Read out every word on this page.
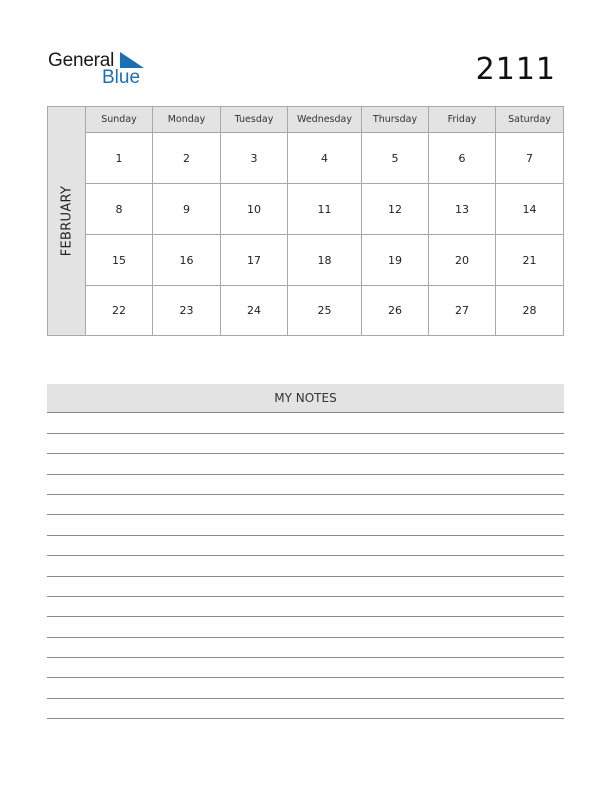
General
Blue	2111
FEBRUARY
Sunday	Monday	Tuesday	Wednesday	Thursday	Friday	Saturday
1	2	3	4	5	6	7
8	9	10	11	12	13	14
15	16	17	18	19	20	21
22	23	24	25	26	27	28
MY NOTES
